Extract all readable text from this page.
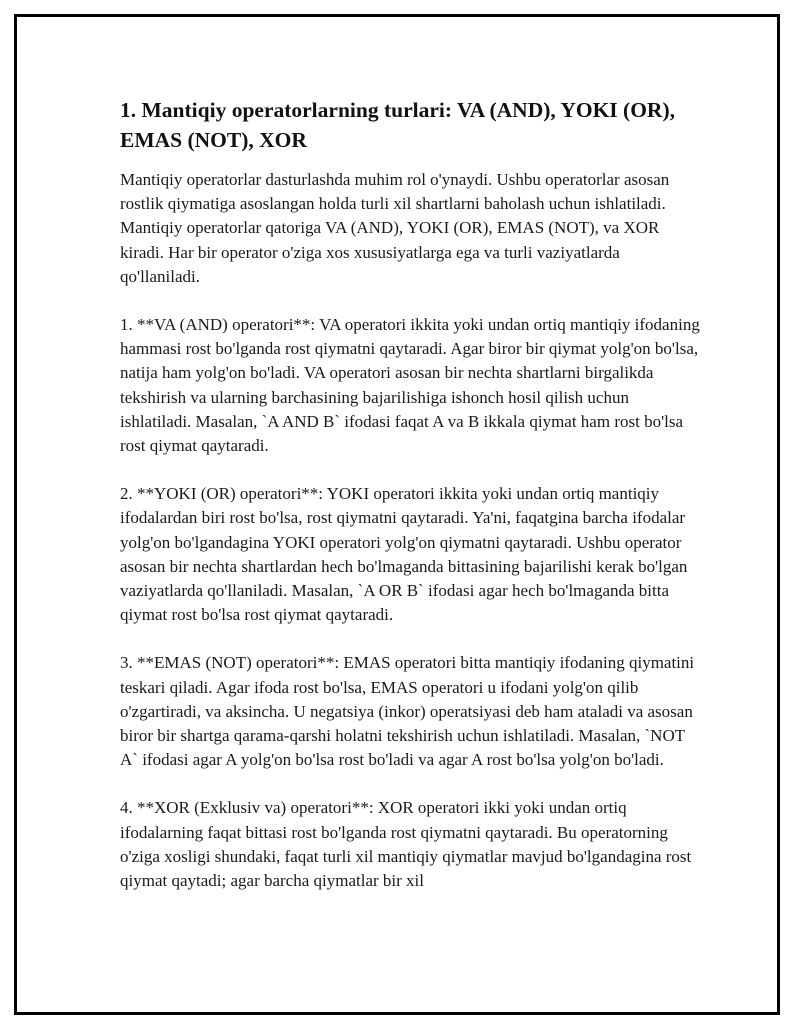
1. Mantiqiy operatorlarning turlari: VA (AND), YOKI (OR), EMAS (NOT), XOR

Mantiqiy operatorlar dasturlashda muhim rol o'ynaydi. Ushbu operatorlar asosan rostlik qiymatiga asoslangan holda turli xil shartlarni baholash uchun ishlatiladi. Mantiqiy operatorlar qatoriga VA (AND), YOKI (OR), EMAS (NOT), va XOR kiradi. Har bir operator o'ziga xos xususiyatlarga ega va turli vaziyatlarda qo'llaniladi.

1. **VA (AND) operatori**: VA operatori ikkita yoki undan ortiq mantiqiy ifodaning hammasi rost bo'lganda rost qiymatni qaytaradi. Agar biror bir qiymat yolg'on bo'lsa, natija ham yolg'on bo'ladi. VA operatori asosan bir nechta shartlarni birgalikda tekshirish va ularning barchasining bajarilishiga ishonch hosil qilish uchun ishlatiladi. Masalan, `A AND B` ifodasi faqat A va B ikkala qiymat ham rost bo'lsa rost qiymat qaytaradi.

2. **YOKI (OR) operatori**: YOKI operatori ikkita yoki undan ortiq mantiqiy ifodalardan biri rost bo'lsa, rost qiymatni qaytaradi. Ya'ni, faqatgina barcha ifodalar yolg'on bo'lgandagina YOKI operatori yolg'on qiymatni qaytaradi. Ushbu operator asosan bir nechta shartlardan hech bo'lmaganda bittasining bajarilishi kerak bo'lgan vaziyatlarda qo'llaniladi. Masalan, `A OR B` ifodasi agar hech bo'lmaganda bitta qiymat rost bo'lsa rost qiymat qaytaradi.

3. **EMAS (NOT) operatori**: EMAS operatori bitta mantiqiy ifodaning qiymatini teskari qiladi. Agar ifoda rost bo'lsa, EMAS operatori u ifodani yolg'on qilib o'zgartiradi, va aksincha. U negatsiya (inkor) operatsiyasi deb ham ataladi va asosan biror bir shartga qarama-qarshi holatni tekshirish uchun ishlatiladi. Masalan, `NOT A` ifodasi agar A yolg'on bo'lsa rost bo'ladi va agar A rost bo'lsa yolg'on bo'ladi.

4. **XOR (Exklusiv va) operatori**: XOR operatori ikki yoki undan ortiq ifodalarning faqat bittasi rost bo'lganda rost qiymatni qaytaradi. Bu operatorning o'ziga xosligi shundaki, faqat turli xil mantiqiy qiymatlar mavjud bo'lgandagina rost qiymat qaytadi; agar barcha qiymatlar bir xil
